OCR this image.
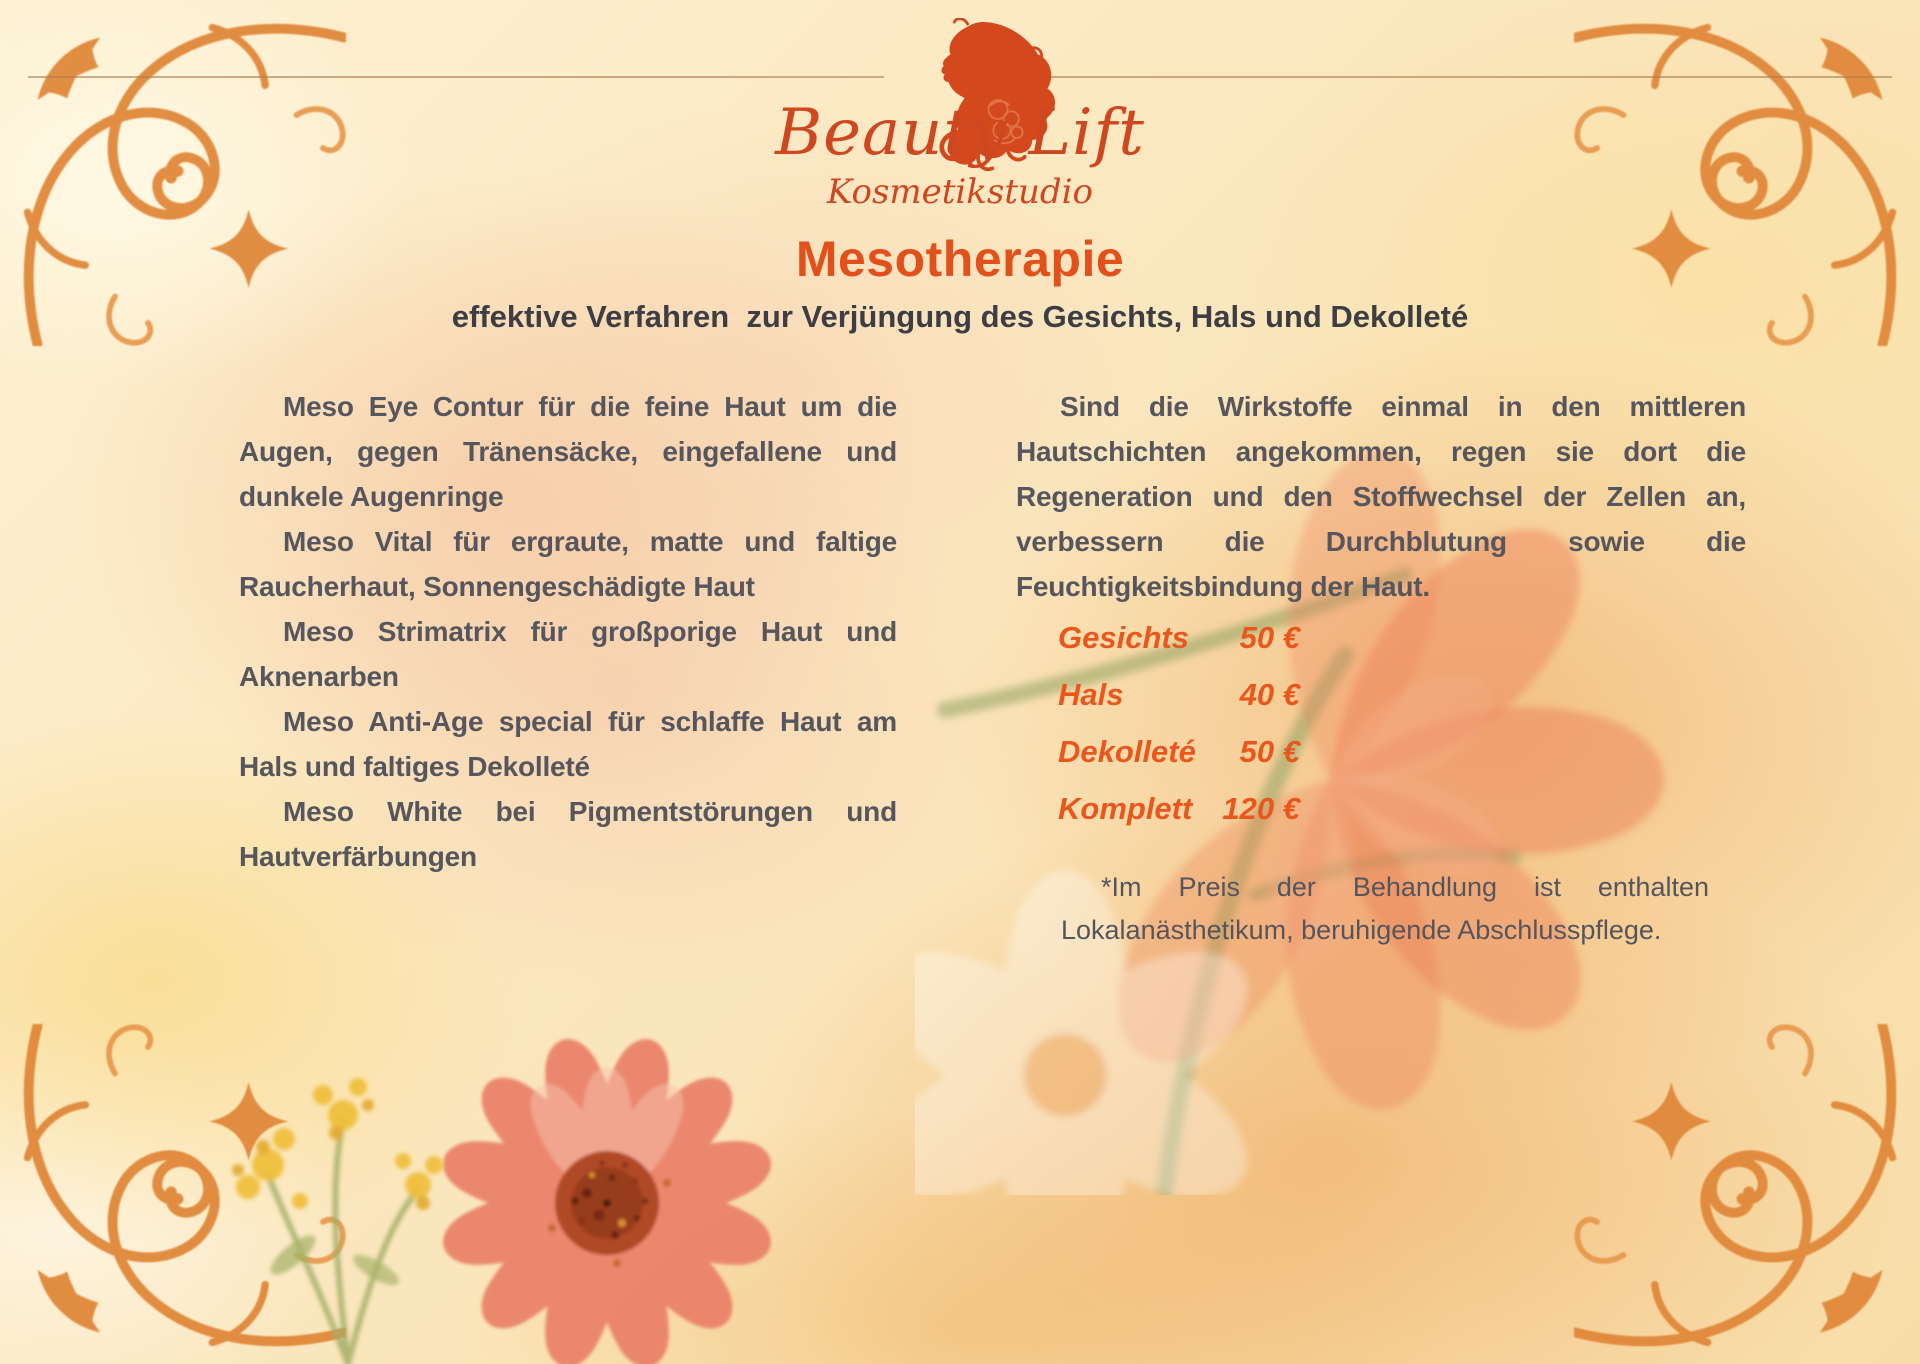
Beauty Lift
Kosmetikstudio
Mesotherapie
effektive Verfahren  zur Verjüngung des Gesichts, Hals und Dekolleté
Meso Eye Contur für die feine Haut um die
Augen, gegen Tränensäcke, eingefallene und
dunkele Augenringe
Meso Vital für ergraute, matte und faltige
Raucherhaut, Sonnengeschädigte Haut
Meso Strimatrix für großporige Haut und
Aknenarben
Meso Anti-Age special für schlaffe Haut am
Hals und faltiges Dekolleté
Meso White bei Pigmentstörungen und
Hautverfärbungen
Sind die Wirkstoffe einmal in den mittleren
Hautschichten angekommen, regen sie dort die
Regeneration und den Stoffwechsel der Zellen an,
verbessern die Durchblutung sowie die
Feuchtigkeitsbindung der Haut.
Gesichts 50 €
Hals	40 €
Dekolleté 50 €
Komplett 120 €
*Im Preis der Behandlung ist enthalten
Lokalanästhetikum, beruhigende Abschlusspflege.
